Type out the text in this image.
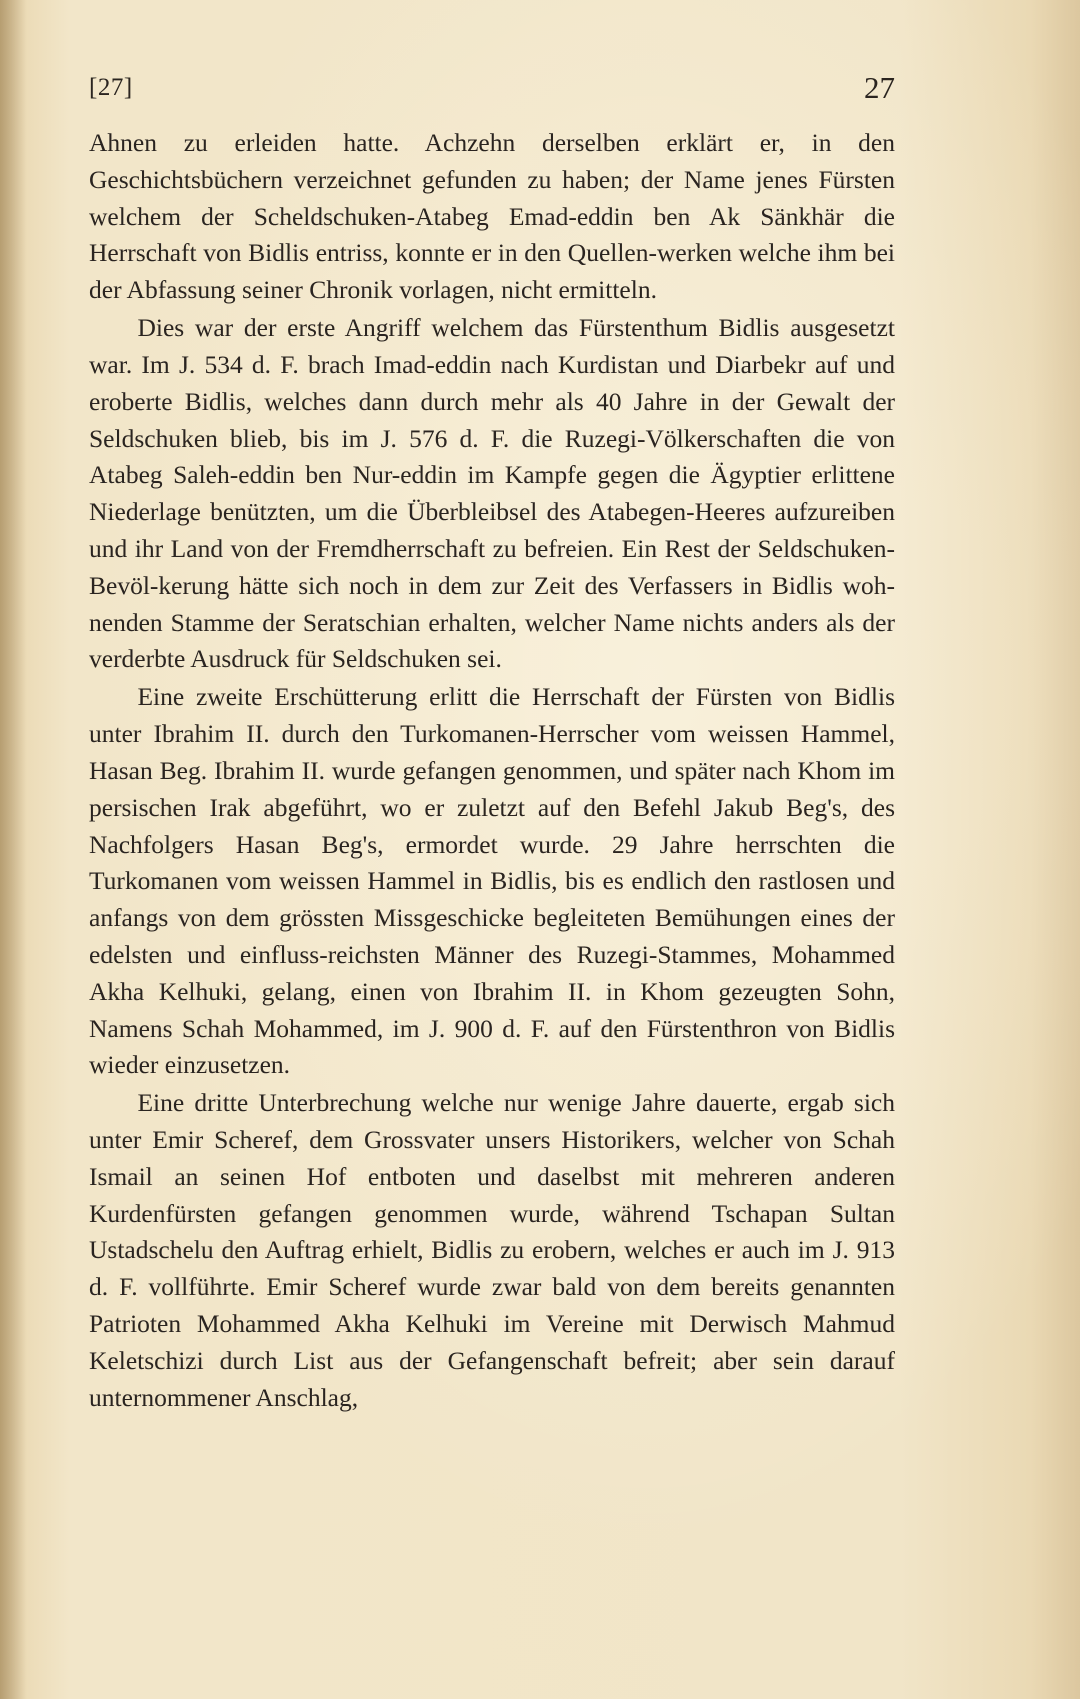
[27]	27

Ahnen zu erleiden hatte. Achzehn derselben erklärt er, in den Geschichtsbüchern verzeichnet gefunden zu haben; der Name jenes Fürsten welchem der Scheldschuken-Atabeg Emad-eddin ben Ak Sänkhär die Herrschaft von Bidlis entriss, konnte er in den Quellen-werken welche ihm bei der Abfassung seiner Chronik vorlagen, nicht ermitteln.

Dies war der erste Angriff welchem das Fürstenthum Bidlis ausgesetzt war. Im J. 534 d. F. brach Imad-eddin nach Kurdistan und Diarbekr auf und eroberte Bidlis, welches dann durch mehr als 40 Jahre in der Gewalt der Seldschuken blieb, bis im J. 576 d. F. die Ruzegi-Völkerschaften die von Atabeg Saleh-eddin ben Nur-eddin im Kampfe gegen die Ägyptier erlittene Niederlage benützten, um die Überbleibsel des Atabegen-Heeres aufzureiben und ihr Land von der Fremdherrschaft zu befreien. Ein Rest der Seldschuken-Bevöl-kerung hätte sich noch in dem zur Zeit des Verfassers in Bidlis woh-nenden Stamme der Seratschian erhalten, welcher Name nichts anders als der verderbte Ausdruck für Seldschuken sei.

Eine zweite Erschütterung erlitt die Herrschaft der Fürsten von Bidlis unter Ibrahim II. durch den Turkomanen-Herrscher vom weissen Hammel, Hasan Beg. Ibrahim II. wurde gefangen genommen, und später nach Khom im persischen Irak abgeführt, wo er zuletzt auf den Befehl Jakub Beg's, des Nachfolgers Hasan Beg's, ermordet wurde. 29 Jahre herrschten die Turkomanen vom weissen Hammel in Bidlis, bis es endlich den rastlosen und anfangs von dem grössten Missgeschicke begleiteten Bemühungen eines der edelsten und einfluss-reichsten Männer des Ruzegi-Stammes, Mohammed Akha Kelhuki, gelang, einen von Ibrahim II. in Khom gezeugten Sohn, Namens Schah Mohammed, im J. 900 d. F. auf den Fürstenthron von Bidlis wieder einzusetzen.

Eine dritte Unterbrechung welche nur wenige Jahre dauerte, ergab sich unter Emir Scheref, dem Grossvater unsers Historikers, welcher von Schah Ismail an seinen Hof entboten und daselbst mit mehreren anderen Kurdenfürsten gefangen genommen wurde, während Tschapan Sultan Ustadschelu den Auftrag erhielt, Bidlis zu erobern, welches er auch im J. 913 d. F. vollführte. Emir Scheref wurde zwar bald von dem bereits genannten Patrioten Mohammed Akha Kelhuki im Vereine mit Derwisch Mahmud Keletschizi durch List aus der Gefangenschaft befreit; aber sein darauf unternommener Anschlag,
